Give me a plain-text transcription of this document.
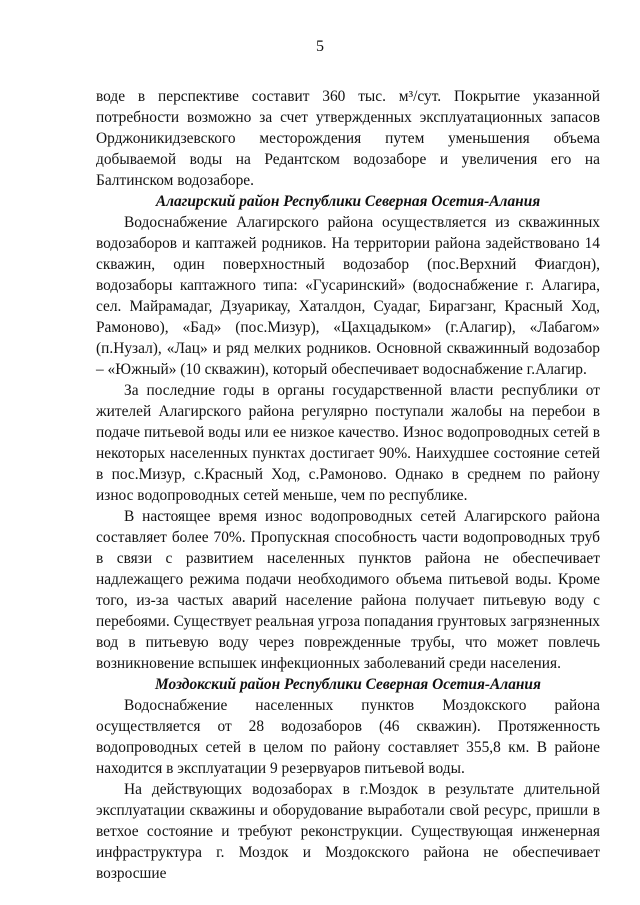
5

воде в перспективе составит 360 тыс. м³/сут. Покрытие указанной потребности возможно за счет утвержденных эксплуатационных запасов Орджоникидзевского месторождения путем уменьшения объема добываемой воды на Редантском водозаборе и увеличения его на Балтинском водозаборе.

Алагирский район Республики Северная Осетия-Алания

Водоснабжение Алагирского района осуществляется из скважинных водозаборов и каптажей родников. На территории района задействовано 14 скважин, один поверхностный водозабор (пос.Верхний Фиагдон), водозаборы каптажного типа: «Гусаринский» (водоснабжение г. Алагира, сел. Майрамадаг, Дзуарикау, Хаталдон, Суадаг, Бирагзанг, Красный Ход, Рамоново), «Бад» (пос.Мизур), «Цахцадыком» (г.Алагир), «Лабагом» (п.Нузал), «Лац» и ряд мелких родников. Основной скважинный водозабор – «Южный» (10 скважин), который обеспечивает водоснабжение г.Алагир.

За последние годы в органы государственной власти республики от жителей Алагирского района регулярно поступали жалобы на перебои в подаче питьевой воды или ее низкое качество. Износ водопроводных сетей в некоторых населенных пунктах достигает 90%. Наихудшее состояние сетей в пос.Мизур, с.Красный Ход, с.Рамоново. Однако в среднем по району износ водопроводных сетей меньше, чем по республике.

В настоящее время износ водопроводных сетей Алагирского района составляет более 70%. Пропускная способность части водопроводных труб в связи с развитием населенных пунктов района не обеспечивает надлежащего режима подачи необходимого объема питьевой воды. Кроме того, из-за частых аварий население района получает питьевую воду с перебоями. Существует реальная угроза попадания грунтовых загрязненных вод в питьевую воду через поврежденные трубы, что может повлечь возникновение вспышек инфекционных заболеваний среди населения.

Моздокский район Республики Северная Осетия-Алания

Водоснабжение населенных пунктов Моздокского района осуществляется от 28 водозаборов (46 скважин). Протяженность водопроводных сетей в целом по району составляет 355,8 км. В районе находится в эксплуатации 9 резервуаров питьевой воды.

На действующих водозаборах в г.Моздок в результате длительной эксплуатации скважины и оборудование выработали свой ресурс, пришли в ветхое состояние и требуют реконструкции. Существующая инженерная инфраструктура г. Моздок и Моздокского района не обеспечивает возросшие
